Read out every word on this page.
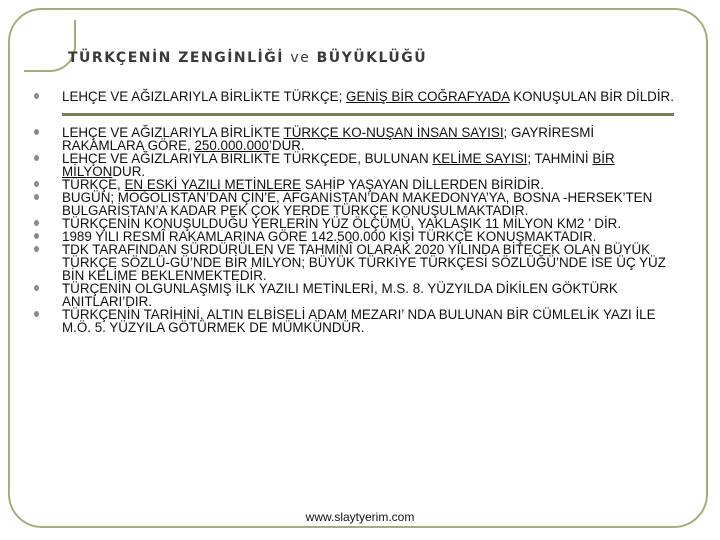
TÜRKÇENİN ZENGİNLİĞİ ve BÜYÜKLÜĞÜ
LEHÇE VE AĞIZLARIYLA BİRLİKTE TÜRKÇE; GENİŞ BİR COĞRAFYADA KONUŞULAN BİR DİLDİR.
LEHÇE VE AĞIZLARIYLA BİRLİKTE TÜRKÇE KO-NUŞAN İNSAN SAYISI; GAYRİRESMİ RAKAMLARA GÖRE, 250.000.000’DUR.
LEHÇE VE AĞIZLARIYLA BİRLİKTE TÜRKÇEDE, BULUNAN KELİME SAYISI; TAHMİNİ BİR MİLYONDUR.
TÜRKÇE, EN ESKİ YAZILI METİNLERE SAHİP YAŞAYAN DİLLERDEN BİRİDİR.
BUGÜN; MOĞOLİSTAN’DAN ÇİN’E, AFGANİSTAN’DAN MAKEDONYA’YA, BOSNA -HERSEK’TEN BULGARİSTAN’A KADAR PEK ÇOK YERDE TÜRKÇE KONUŞULMAKTADIR.
TÜRKÇENİN KONUŞULDUĞU YERLERİN YÜZ ÖLÇÜMÜ, YAKLAŞIK 11 MİLYON KM2 ’ DİR.
1989 YILI RESMÎ RAKAMLARINA GÖRE 142.500.000 KİŞİ TÜRKÇE KONUŞMAKTADIR.
TDK TARAFINDAN SÜRDÜRÜLEN VE TAHMİNÎ OLARAK 2020 YILINDA BİTECEK OLAN BÜYÜK TÜRKÇE SÖZLÜ-GÜ’NDE BİR MİLYON; BÜYÜK TÜRKİYE TÜRKÇESİ SÖZLÜĞÜ’NDE İSE ÜÇ YÜZ BİN KELİME BEKLENMEKTEDİR.
TÜRÇENİN OLGUNLAŞMIŞ İLK YAZILI METİNLERİ, M.S. 8. YÜZYILDA DİKİLEN GÖKTÜRK ANITLARI’DIR.
TÜRKÇENİN TARİHİNİ, ALTIN ELBİSELİ ADAM MEZARI’ NDA BULUNAN BİR CÜMLELİK YAZI İLE M.Ö. 5. YÜZYILA GÖTÜRMEK DE MÜMKÜNDÜR.
www.slaytyerim.com
